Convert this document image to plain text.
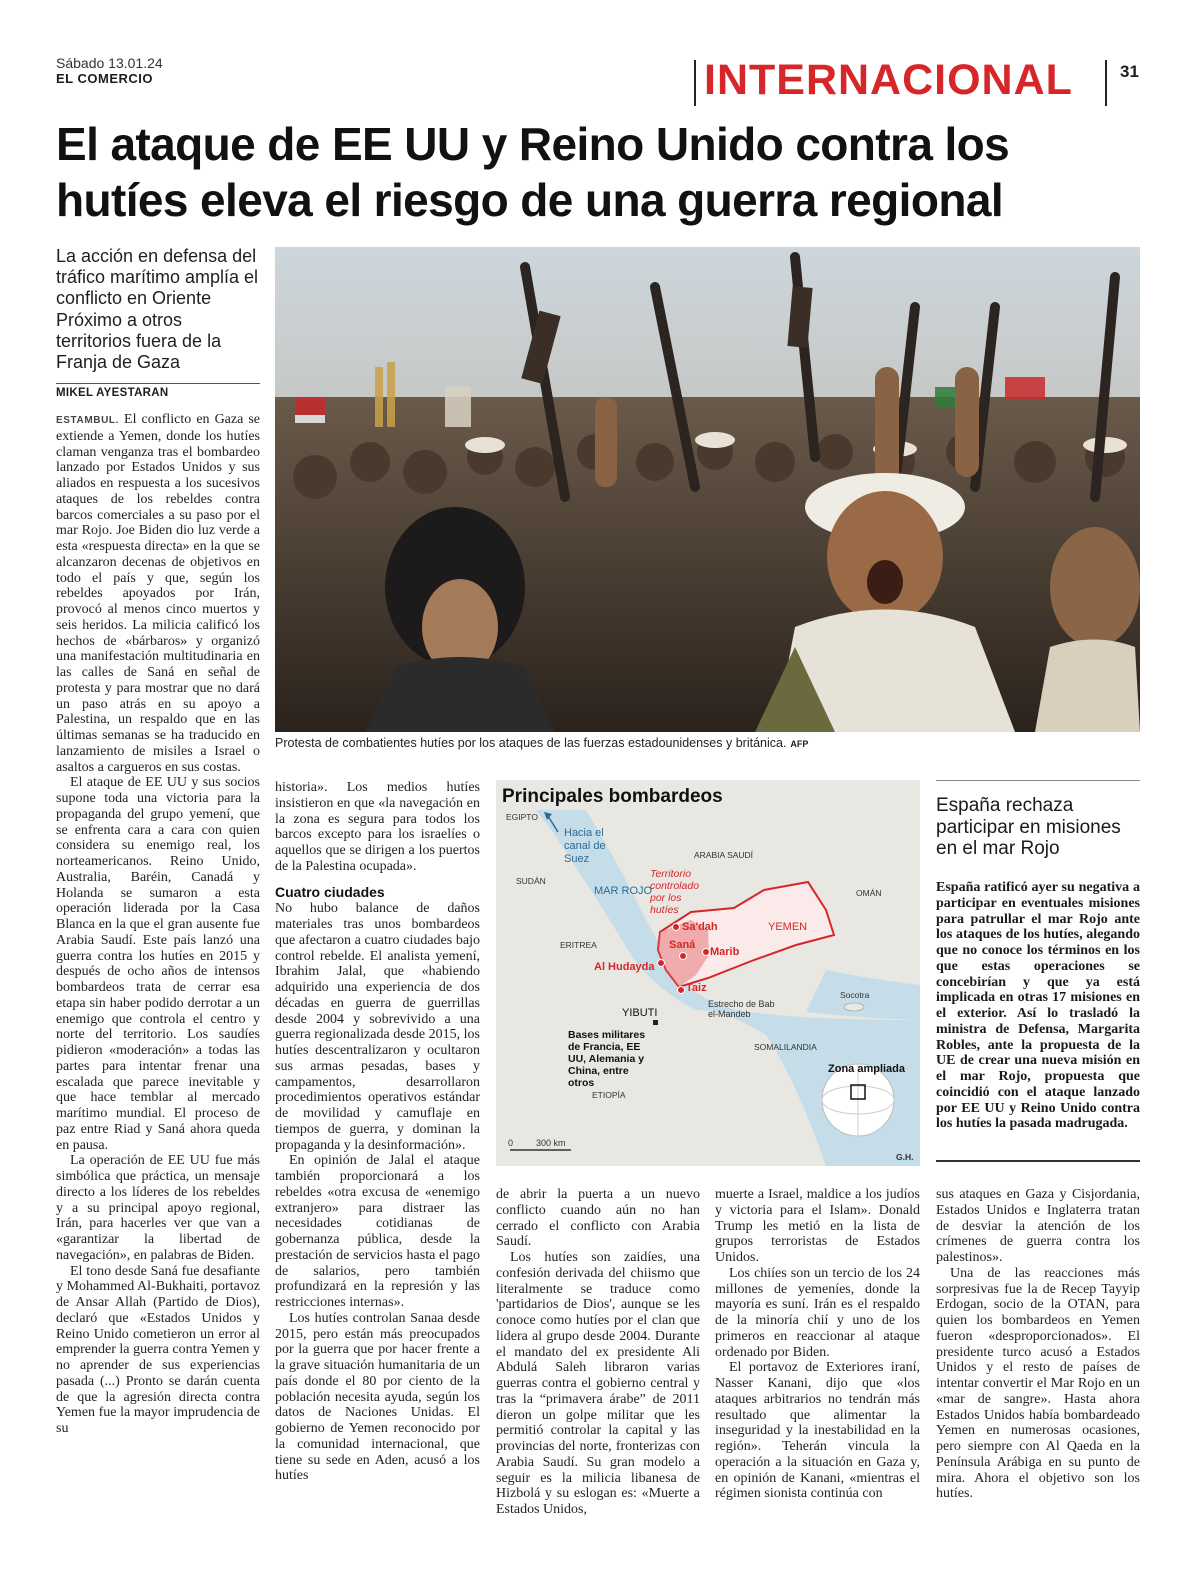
Sábado 13.01.24
EL COMERCIO	INTERNACIONAL	31
El ataque de EE UU y Reino Unido contra los hutíes eleva el riesgo de una guerra regional
La acción en defensa del tráfico marítimo amplía el conflicto en Oriente Próximo a otros territorios fuera de la Franja de Gaza
MIKEL AYESTARAN

ESTAMBUL. El conflicto en Gaza se extiende a Yemen, donde los hutíes claman venganza tras el bombardeo lanzado por Estados Unidos y sus aliados en respuesta a los sucesivos ataques de los rebeldes contra barcos comerciales a su paso por el mar Rojo. Joe Biden dio luz verde a esta «respuesta directa» en la que se alcanzaron decenas de objetivos en todo el país y que, según los rebeldes apoyados por Irán, provocó al menos cinco muertos y seis heridos. La milicia calificó los hechos de «bárbaros» y organizó una manifestación multitudinaria en las calles de Saná en señal de protesta y para mostrar que no dará un paso atrás en su apoyo a Palestina, un respaldo que en las últimas semanas se ha traducido en lanzamiento de misiles a Israel o asaltos a cargueros en sus costas.

El ataque de EE UU y sus socios supone toda una victoria para la propaganda del grupo yemení, que se enfrenta cara a cara con quien considera su enemigo real, los norteamericanos. Reino Unido, Australia, Baréin, Canadá y Holanda se sumaron a esta operación liderada por la Casa Blanca en la que el gran ausente fue Arabia Saudí. Este país lanzó una guerra contra los hutíes en 2015 y después de ocho años de intensos bombardeos trata de cerrar esa etapa sin haber podido derrotar a un enemigo que controla el centro y norte del territorio. Los saudíes pidieron «moderación» a todas las partes para intentar frenar una escalada que parece inevitable y que hace temblar al mercado marítimo mundial. El proceso de paz entre Riad y Saná ahora queda en pausa.

La operación de EE UU fue más simbólica que práctica, un mensaje directo a los líderes de los rebeldes y a su principal apoyo regional, Irán, para hacerles ver que van a «garantizar la libertad de navegación», en palabras de Biden.

El tono desde Saná fue desafiante y Mohammed Al-Bukhaiti, portavoz de Ansar Allah (Partido de Dios), declaró que «Estados Unidos y Reino Unido cometieron un error al emprender la guerra contra Yemen y no aprender de sus experiencias pasada (...) Pronto se darán cuenta de que la agresión directa contra Yemen fue la mayor imprudencia de su

Protesta de combatientes hutíes por los ataques de las fuerzas estadounidenses y británica. AFP

historia». Los medios hutíes insistieron en que «la navegación en la zona es segura para todos los barcos excepto para los israelíes o aquellos que se dirigen a los puertos de la Palestina ocupada».

Cuatro ciudades

No hubo balance de daños materiales tras unos bombardeos que afectaron a cuatro ciudades bajo control rebelde. El analista yemení, Ibrahim Jalal, que «habiendo adquirido una experiencia de dos décadas en guerra de guerrillas desde 2004 y sobrevivido a una guerra regionalizada desde 2015, los hutíes descentralizaron y ocultaron sus armas pesadas, bases y campamentos, desarrollaron procedimientos operativos estándar de movilidad y camuflaje en tiempos de guerra, y dominan la propaganda y la desinformación».

En opinión de Jalal el ataque también proporcionará a los rebeldes «otra excusa de «enemigo extranjero» para distraer las necesidades cotidianas de gobernanza pública, desde la prestación de servicios hasta el pago de salarios, pero también profundizará en la represión y las restricciones internas».

Los hutíes controlan Sanaa desde 2015, pero están más preocupados por la guerra que por hacer frente a la grave situación humanitaria de un país donde el 80 por ciento de la población necesita ayuda, según los datos de Naciones Unidas. El gobierno de Yemen reconocido por la comunidad internacional, que tiene su sede en Aden, acusó a los hutíes

Principales bombardeos
EGIPTO
Hacia el canal de Suez
SUDÁN
MAR ROJO
ARABIA SAUDÍ
Territorio controlado por los hutíes
OMÁN
YEMEN
ERITREA
Sa'dah
Saná
Marib
Al Hudayda
Taiz
Estrecho de Bab el-Mandeb
Socotra
YIBUTI
Bases militares de Francia, EE UU, Alemania y China, entre otros
SOMALILANDIA
ETIOPÍA
Zona ampliada
0	300 km
G.H.
España rechaza participar en misiones en el mar Rojo
España ratificó ayer su negativa a participar en eventuales misiones para patrullar el mar Rojo ante los ataques de los hutíes, alegando que no conoce los términos en los que estas operaciones se concebirían y que ya está implicada en otras 17 misiones en el exterior. Así lo trasladó la ministra de Defensa, Margarita Robles, ante la propuesta de la UE de crear una nueva misión en el mar Rojo, propuesta que coincidió con el ataque lanzado por EE UU y Reino Unido contra los hutíes la pasada madrugada.

de abrir la puerta a un nuevo conflicto cuando aún no han cerrado el conflicto con Arabia Saudí.

Los hutíes son zaidíes, una confesión derivada del chiismo que literalmente se traduce como 'partidarios de Dios', aunque se les conoce como hutíes por el clan que lidera al grupo desde 2004. Durante el mandato del ex presidente Ali Abdulá Saleh libraron varias guerras contra el gobierno central y tras la “primavera árabe” de 2011 dieron un golpe militar que les permitió controlar la capital y las provincias del norte, fronterizas con Arabia Saudí. Su gran modelo a seguir es la milicia libanesa de Hizbolá y su eslogan es: «Muerte a Estados Unidos,

muerte a Israel, maldice a los judíos y victoria para el Islam». Donald Trump les metió en la lista de grupos terroristas de Estados Unidos.

Los chiíes son un tercio de los 24 millones de yemeníes, donde la mayoría es suní. Irán es el respaldo de la minoría chií y uno de los primeros en reaccionar al ataque ordenado por Biden.

El portavoz de Exteriores iraní, Nasser Kanani, dijo que «los ataques arbitrarios no tendrán más resultado que alimentar la inseguridad y la inestabilidad en la región». Teherán vincula la operación a la situación en Gaza y, en opinión de Kanani, «mientras el régimen sionista continúa con

sus ataques en Gaza y Cisjordania, Estados Unidos e Inglaterra tratan de desviar la atención de los crímenes de guerra contra los palestinos».

Una de las reacciones más sorpresivas fue la de Recep Tayyip Erdogan, socio de la OTAN, para quien los bombardeos en Yemen fueron «desproporcionados». El presidente turco acusó a Estados Unidos y el resto de países de intentar convertir el Mar Rojo en un «mar de sangre». Hasta ahora Estados Unidos había bombardeado Yemen en numerosas ocasiones, pero siempre con Al Qaeda en la Península Arábiga en su punto de mira. Ahora el objetivo son los hutíes.
